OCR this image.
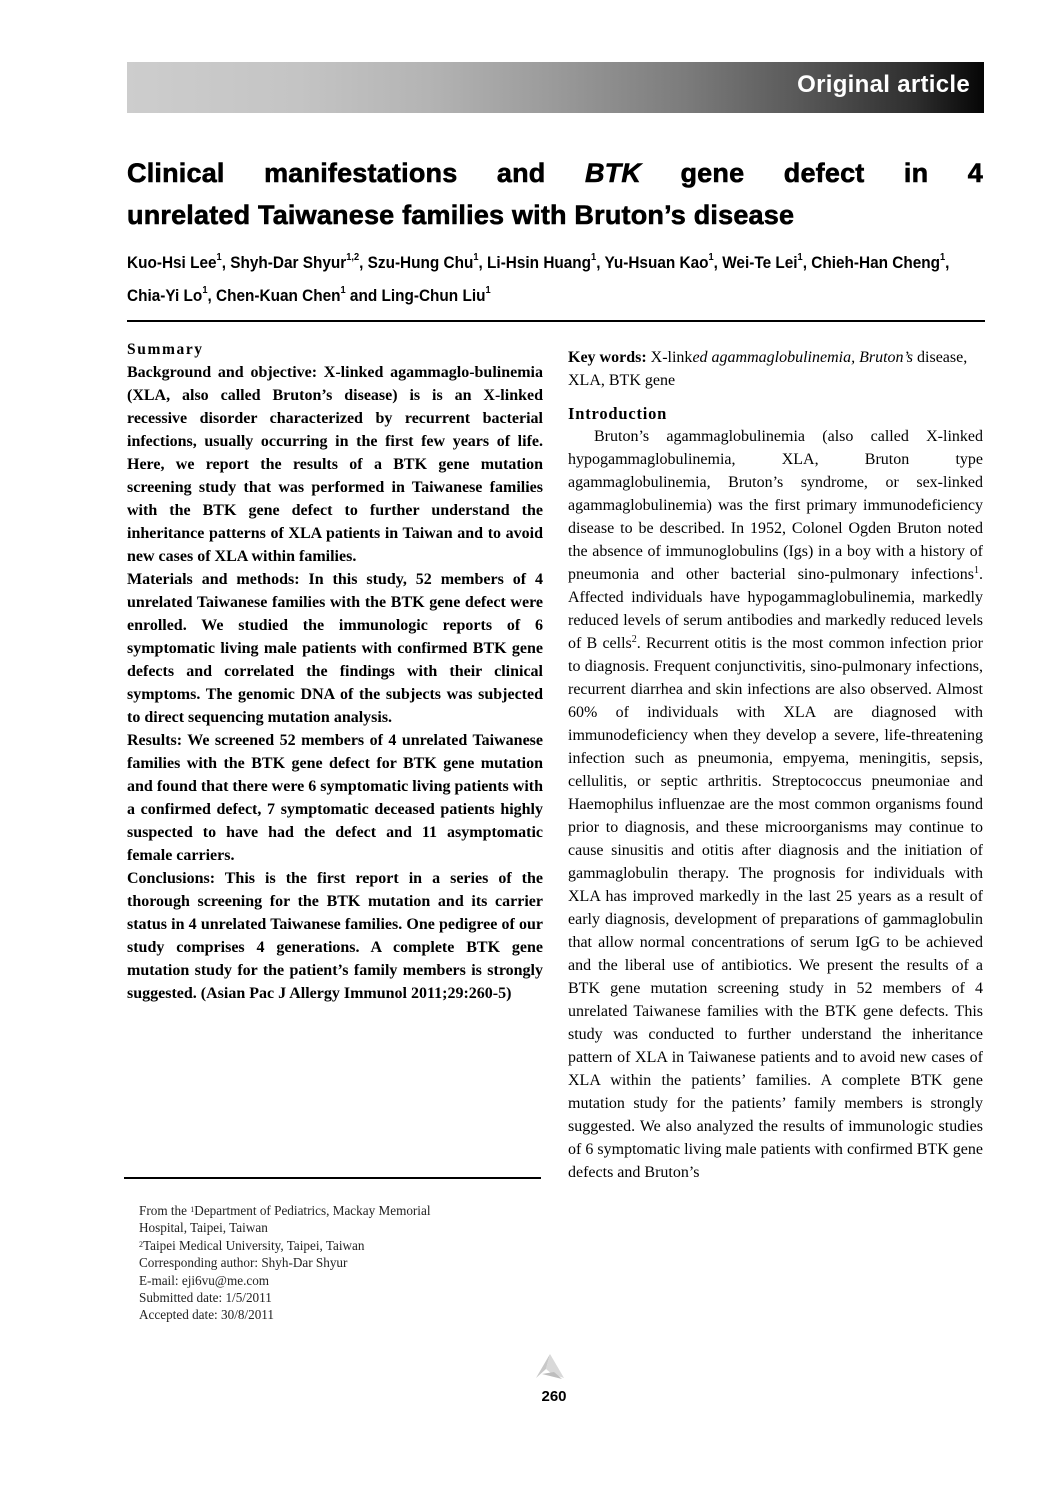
Original article
Clinical manifestations and BTK gene defect in 4
unrelated Taiwanese families with Bruton’s disease
Kuo-Hsi Lee$^1$, Shyh-Dar Shyur$^{1,2}$, Szu-Hung Chu$^1$, Li-Hsin Huang$^1$, Yu-Hsuan Kao$^1$, Wei-Te Lei$^1$, Chieh-Han Cheng$^1$, Chia-Yi Lo$^1$, Chen-Kuan Chen$^1$ and Ling-Chun Liu$^1$

Summary

Background and objective: X-linked agammaglo-bulinemia (XLA, also called Bruton’s disease) is is an X-linked recessive disorder characterized by recurrent bacterial infections, usually occurring in the first few years of life. Here, we report the results of a BTK gene mutation screening study that was performed in Taiwanese families with the BTK gene defect to further understand the inheritance patterns of XLA patients in Taiwan and to avoid new cases of XLA within families.

Materials and methods: In this study, 52 members of 4 unrelated Taiwanese families with the BTK gene defect were enrolled. We studied the immunologic reports of 6 symptomatic living male patients with confirmed BTK gene defects and correlated the findings with their clinical symptoms. The genomic DNA of the subjects was subjected to direct sequencing mutation analysis.

Results: We screened 52 members of 4 unrelated Taiwanese families with the BTK gene defect for BTK gene mutation and found that there were 6 symptomatic living patients with a confirmed defect, 7 symptomatic deceased patients highly suspected to have had the defect and 11 asymptomatic female carriers.

Conclusions: This is the first report in a series of the thorough screening for the BTK mutation and its carrier status in 4 unrelated Taiwanese families. One pedigree of our study comprises 4 generations. A complete BTK gene mutation study for the patient’s family members is strongly suggested. (Asian Pac J Allergy Immunol 2011;29:260-5)

Key words: X-linked agammaglobulinemia, Bruton’s disease, XLA, BTK gene

Introduction

Bruton’s agammaglobulinemia (also called X-linked hypogammaglobulinemia, XLA, Bruton type agammaglobulinemia, Bruton’s syndrome, or sex-linked agammaglobulinemia) was the first primary immunodeficiency disease to be described. In 1952, Colonel Ogden Bruton noted the absence of immunoglobulins (Igs) in a boy with a history of pneumonia and other bacterial sino-pulmonary infections$^1$. Affected individuals have hypogammaglobulinemia, markedly reduced levels of serum antibodies and markedly reduced levels of B cells$^2$. Recurrent otitis is the most common infection prior to diagnosis. Frequent conjunctivitis, sino-pulmonary infections, recurrent diarrhea and skin infections are also observed. Almost 60% of individuals with XLA are diagnosed with immunodeficiency when they develop a severe, life-threatening infection such as pneumonia, empyema, meningitis, sepsis, cellulitis, or septic arthritis. Streptococcus pneumoniae and Haemophilus influenzae are the most common organisms found prior to diagnosis, and these microorganisms may continue to cause sinusitis and otitis after diagnosis and the initiation of gammaglobulin therapy. The prognosis for individuals with XLA has improved markedly in the last 25 years as a result of early diagnosis, development of preparations of gammaglobulin that allow normal concentrations of serum IgG to be achieved and the liberal use of antibiotics. We present the results of a BTK gene mutation screening study in 52 members of 4 unrelated Taiwanese families with the BTK gene defects. This study was conducted to further understand the inheritance pattern of XLA in Taiwanese patients and to avoid new cases of XLA within the patients’ families. A complete BTK gene mutation study for the patients’ family members is strongly suggested. We also analyzed the results of immunologic studies of 6 symptomatic living male patients with confirmed BTK gene defects and Bruton’s

From the $^1$Department of Pediatrics, Mackay Memorial
Hospital, Taipei, Taiwan
$^2$Taipei Medical University, Taipei, Taiwan
Corresponding author: Shyh-Dar Shyur
E-mail: eji6vu@me.com
Submitted date: 1/5/2011
Accepted date: 30/8/2011
260
